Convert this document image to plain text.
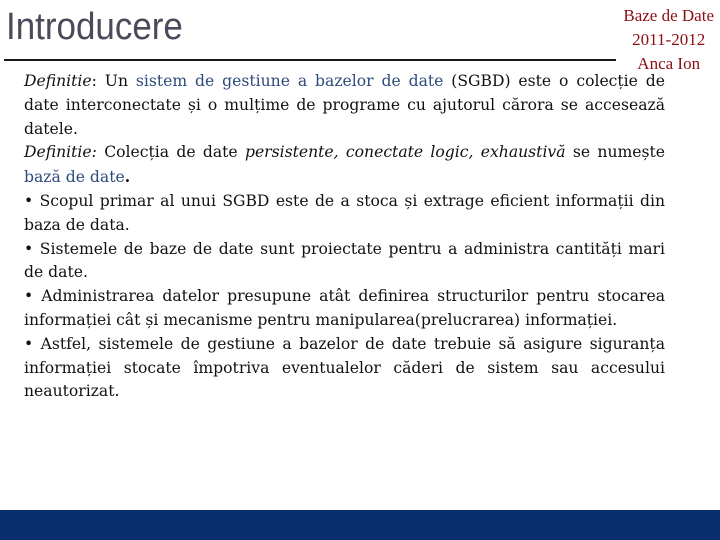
Introducere	Baze de Date
2011-2012
Anca Ion

Definitie: Un sistem de gestiune a bazelor de date (SGBD) este o colecție de date interconectate și o mulțime de programe cu ajutorul cărora se accesează datele.

Definitie: Colecția de date persistente, conectate logic, exhaustivă se numește bază de date.

• Scopul primar al unui SGBD este de a stoca și extrage eficient informații din baza de data.

• Sistemele de baze de date sunt proiectate pentru a administra cantități mari de date.

• Administrarea datelor presupune atât definirea structurilor pentru stocarea informației cât și mecanisme pentru manipularea(prelucrarea) informației.

• Astfel, sistemele de gestiune a bazelor de date trebuie să asigure siguranța informației stocate împotriva eventualelor căderi de sistem sau accesului neautorizat.
